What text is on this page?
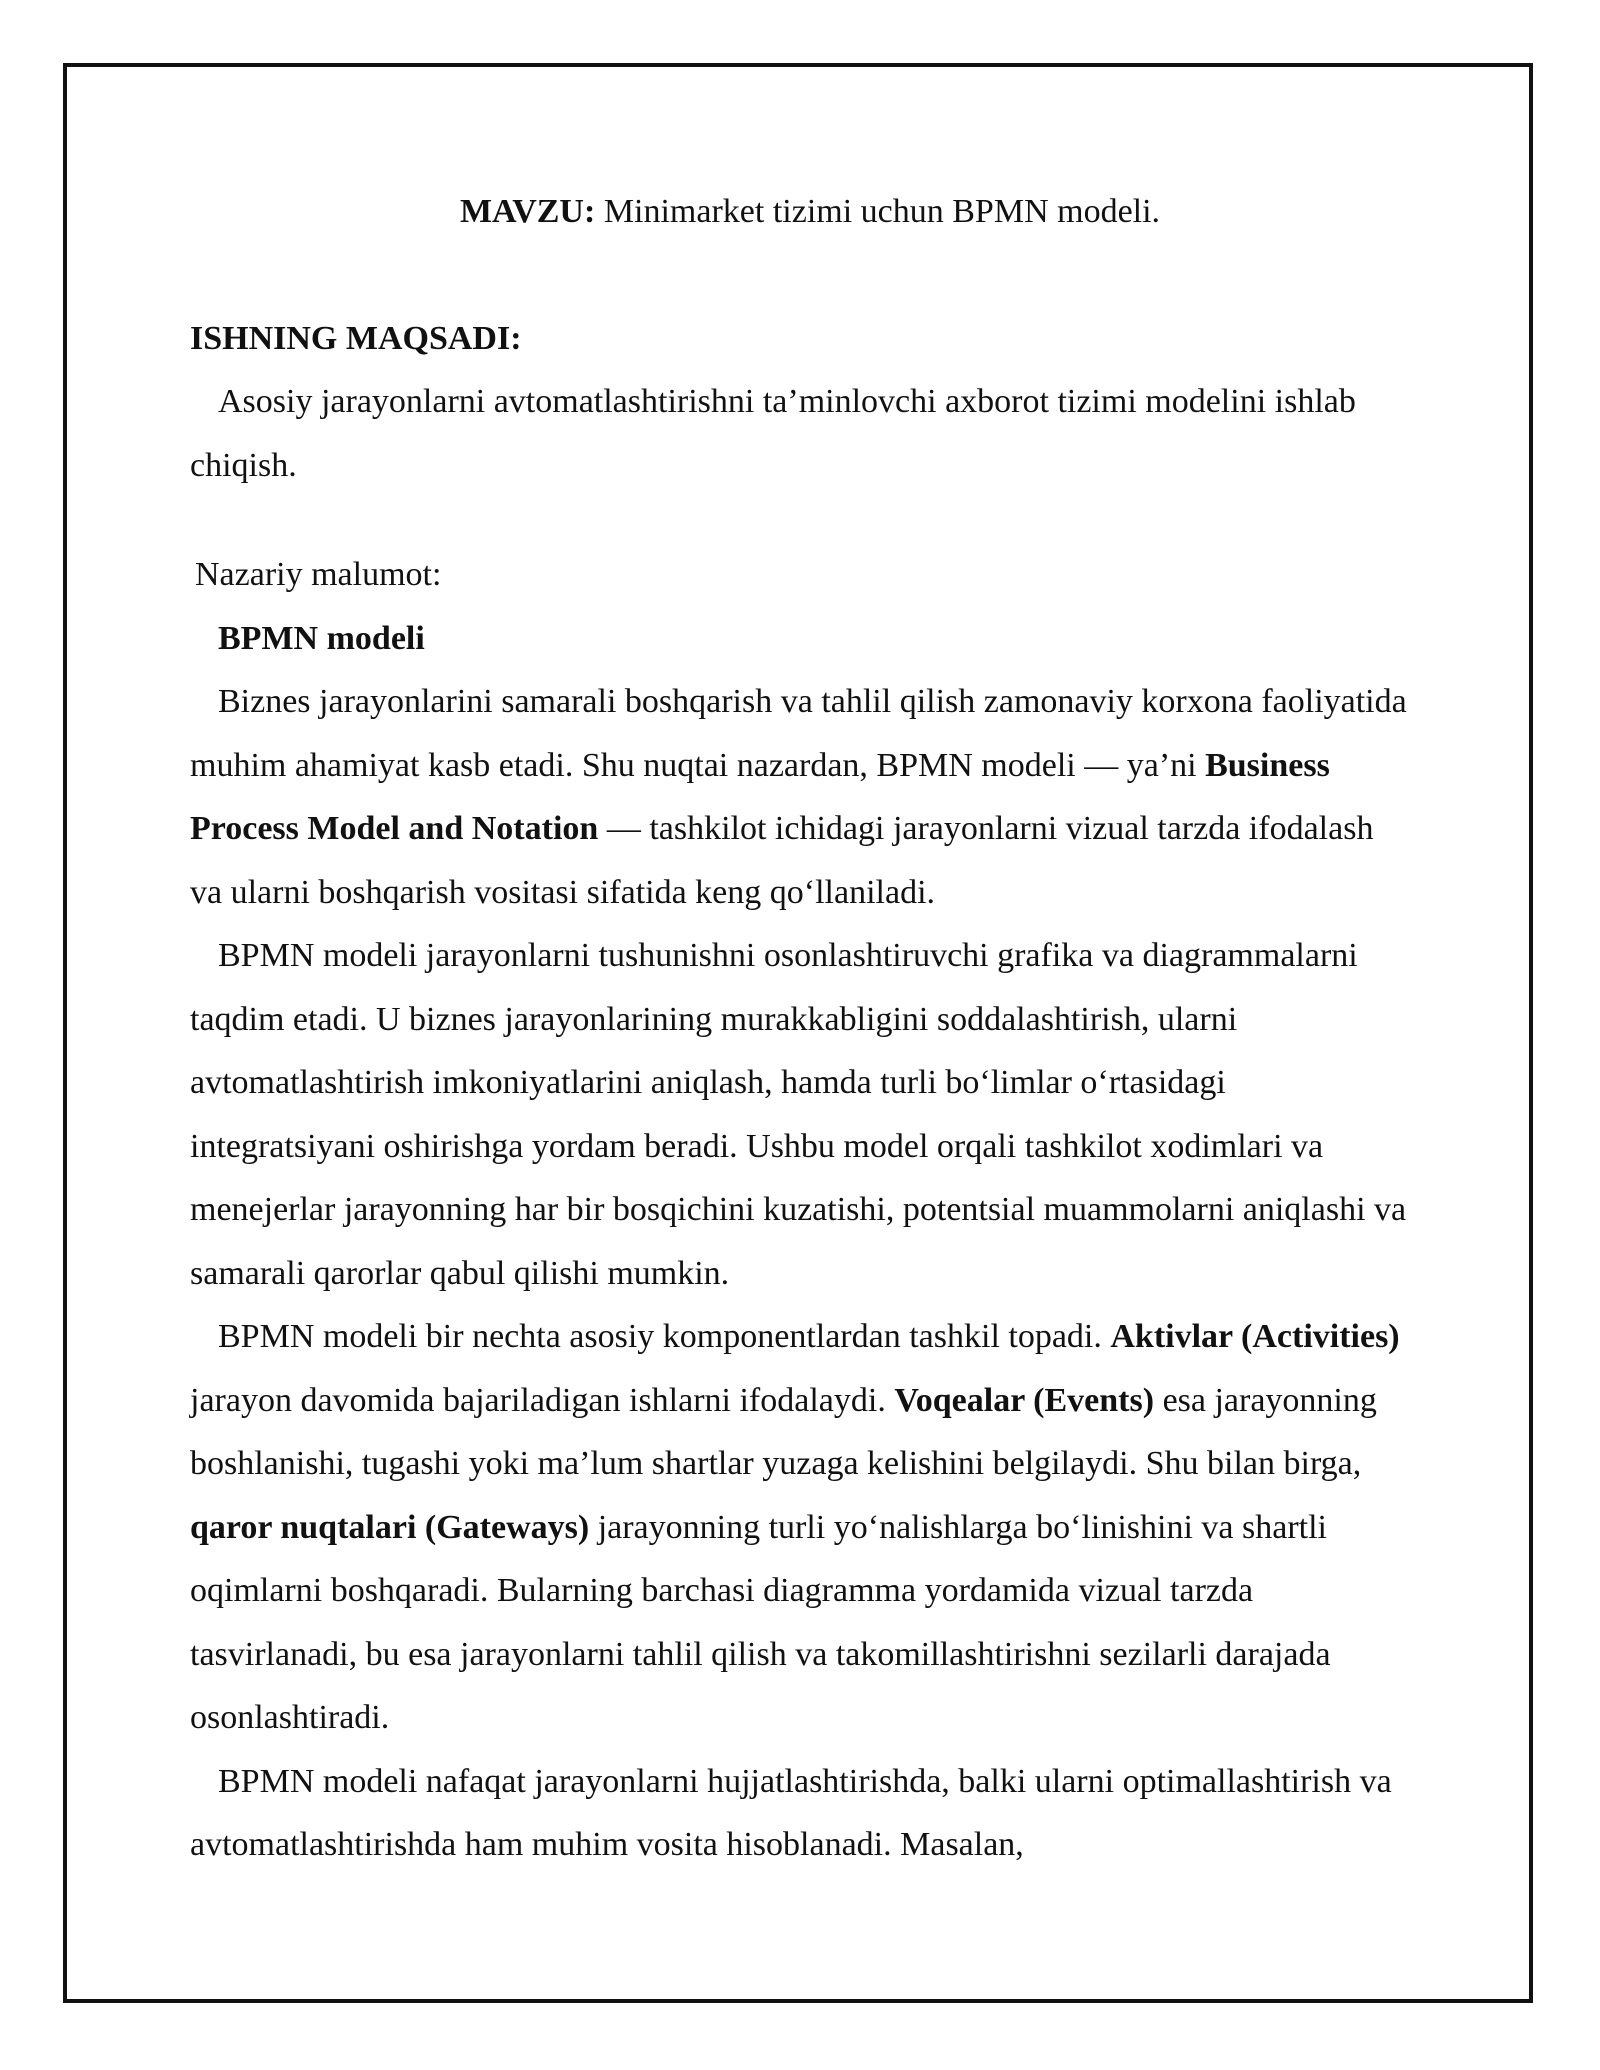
MAVZU: Minimarket tizimi uchun BPMN modeli.

ISHNING MAQSADI:

Asosiy jarayonlarni avtomatlashtirishni ta’minlovchi axborot tizimi modelini ishlab chiqish.

Nazariy malumot:

BPMN modeli

Biznes jarayonlarini samarali boshqarish va tahlil qilish zamonaviy korxona faoliyatida muhim ahamiyat kasb etadi. Shu nuqtai nazardan, BPMN modeli — ya’ni Business Process Model and Notation — tashkilot ichidagi jarayonlarni vizual tarzda ifodalash va ularni boshqarish vositasi sifatida keng qo‘llaniladi.

BPMN modeli jarayonlarni tushunishni osonlashtiruvchi grafika va diagrammalarni taqdim etadi. U biznes jarayonlarining murakkabligini soddalashtirish, ularni avtomatlashtirish imkoniyatlarini aniqlash, hamda turli bo‘limlar o‘rtasidagi integratsiyani oshirishga yordam beradi. Ushbu model orqali tashkilot xodimlari va menejerlar jarayonning har bir bosqichini kuzatishi, potentsial muammolarni aniqlashi va samarali qarorlar qabul qilishi mumkin.

BPMN modeli bir nechta asosiy komponentlardan tashkil topadi. Aktivlar (Activities) jarayon davomida bajariladigan ishlarni ifodalaydi. Voqealar (Events) esa jarayonning boshlanishi, tugashi yoki ma’lum shartlar yuzaga kelishini belgilaydi. Shu bilan birga, qaror nuqtalari (Gateways) jarayonning turli yo‘nalishlarga bo‘linishini va shartli oqimlarni boshqaradi. Bularning barchasi diagramma yordamida vizual tarzda tasvirlanadi, bu esa jarayonlarni tahlil qilish va takomillashtirishni sezilarli darajada osonlashtiradi.

BPMN modeli nafaqat jarayonlarni hujjatlashtirishda, balki ularni optimallashtirish va avtomatlashtirishda ham muhim vosita hisoblanadi. Masalan,
